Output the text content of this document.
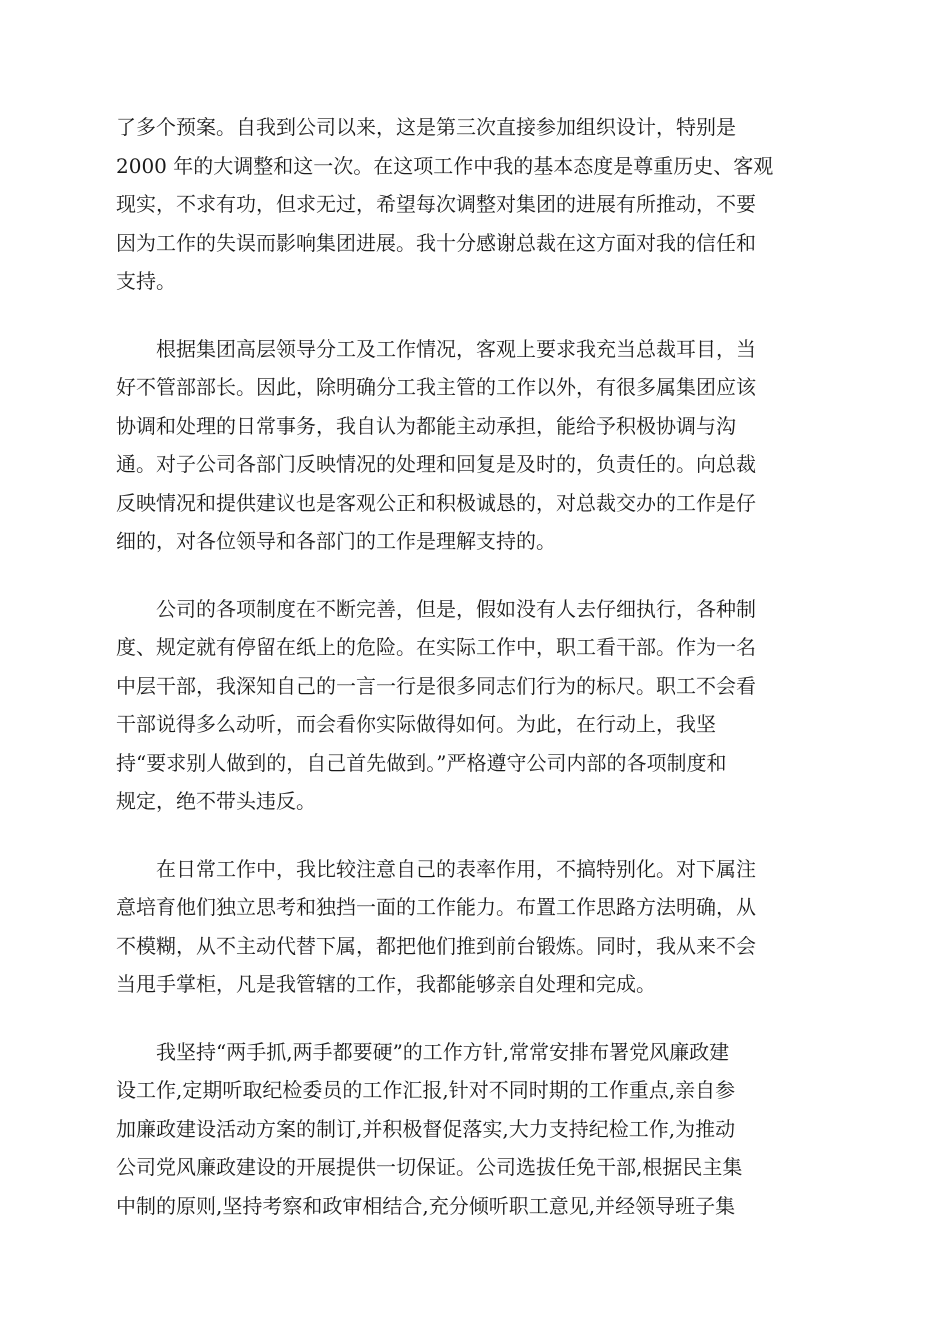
了多个预案。自我到公司以来，这是第三次直接参加组织设计，特别是
2000 年的大调整和这一次。在这项工作中我的基本态度是尊重历史、客观
现实，不求有功，但求无过，希望每次调整对集团的进展有所推动，不要
因为工作的失误而影响集团进展。我十分感谢总裁在这方面对我的信任和
支持。
　　根据集团高层领导分工及工作情况，客观上要求我充当总裁耳目，当
好不管部部长。因此，除明确分工我主管的工作以外，有很多属集团应该
协调和处理的日常事务，我自认为都能主动承担，能给予积极协调与沟
通。对子公司各部门反映情况的处理和回复是及时的，负责任的。向总裁
反映情况和提供建议也是客观公正和积极诚恳的，对总裁交办的工作是仔
细的，对各位领导和各部门的工作是理解支持的。
　　公司的各项制度在不断完善，但是，假如没有人去仔细执行，各种制
度、规定就有停留在纸上的危险。在实际工作中，职工看干部。作为一名
中层干部，我深知自己的一言一行是很多同志们行为的标尺。职工不会看
干部说得多么动听，而会看你实际做得如何。为此，在行动上，我坚
持“要求别人做到的，自己首先做到。”严格遵守公司内部的各项制度和
规定，绝不带头违反。
　　在日常工作中，我比较注意自己的表率作用，不搞特别化。对下属注
意培育他们独立思考和独挡一面的工作能力。布置工作思路方法明确，从
不模糊，从不主动代替下属，都把他们推到前台锻炼。同时，我从来不会
当甩手掌柜，凡是我管辖的工作，我都能够亲自处理和完成。
　　我坚持“两手抓,两手都要硬”的工作方针,常常安排布署党风廉政建
设工作,定期听取纪检委员的工作汇报,针对不同时期的工作重点,亲自参
加廉政建设活动方案的制订,并积极督促落实,大力支持纪检工作,为推动
公司党风廉政建设的开展提供一切保证。公司选拔任免干部,根据民主集
中制的原则,坚持考察和政审相结合,充分倾听职工意见,并经领导班子集
